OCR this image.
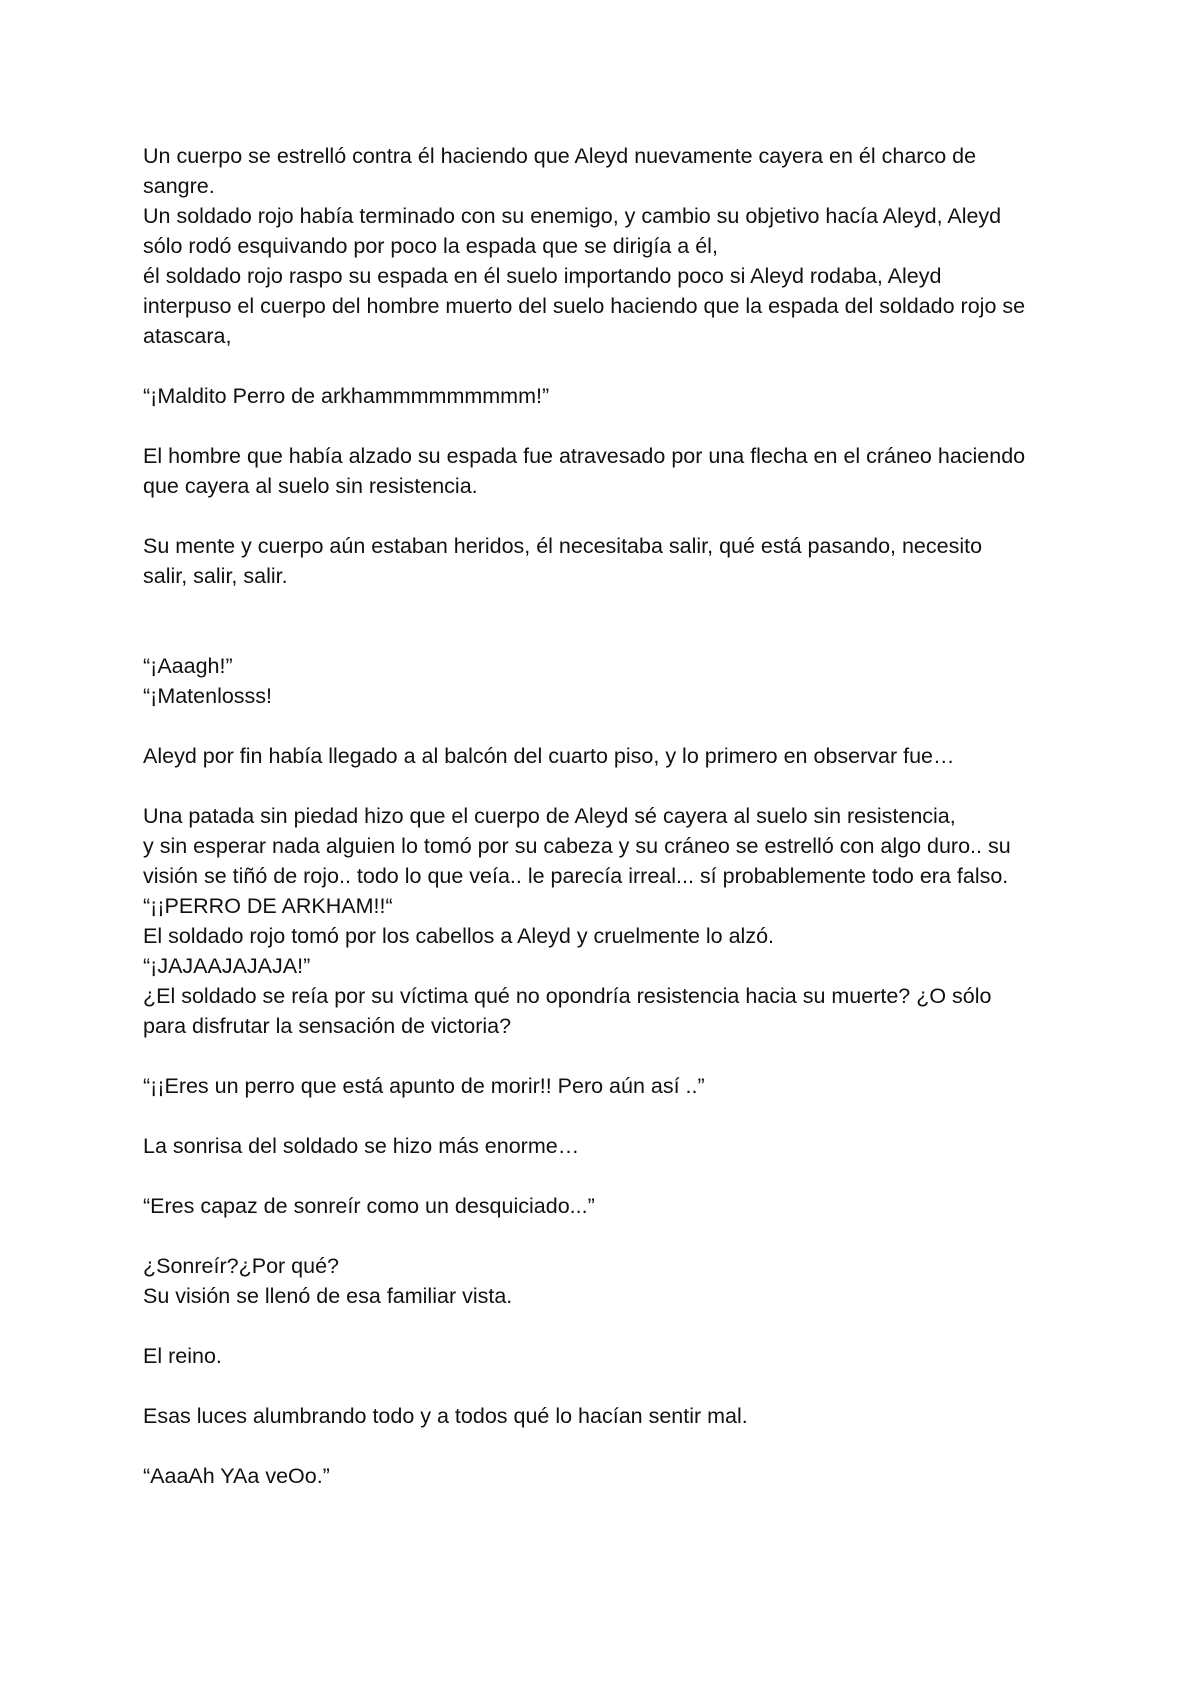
Un cuerpo se estrelló contra él haciendo que Aleyd nuevamente cayera en él charco de
sangre.

Un soldado rojo había terminado con su enemigo, y cambio su objetivo hacía Aleyd, Aleyd
sólo rodó esquivando por poco la espada que se dirigía a él,

él soldado rojo raspo su espada en él suelo importando poco si Aleyd rodaba, Aleyd
interpuso el cuerpo del hombre muerto del suelo haciendo que la espada del soldado rojo se
atascara,

“¡Maldito Perro de arkhammmmmmmmm!”

El hombre que había alzado su espada fue atravesado por una flecha en el cráneo haciendo
que cayera al suelo sin resistencia.

Su mente y cuerpo aún estaban heridos, él necesitaba salir, qué está pasando, necesito
salir, salir, salir.

“¡Aaagh!”

“¡Matenlosss!

Aleyd por fin había llegado a al balcón del cuarto piso, y lo primero en observar fue…

Una patada sin piedad hizo que el cuerpo de Aleyd sé cayera al suelo sin resistencia,

y sin esperar nada alguien lo tomó por su cabeza y su cráneo se estrelló con algo duro.. su
visión se tiñó de rojo.. todo lo que veía.. le parecía irreal... sí probablemente todo era falso.

“¡¡PERRO DE ARKHAM!!“

El soldado rojo tomó por los cabellos a Aleyd y cruelmente lo alzó.

“¡JAJAAJAJAJA!”

¿El soldado se reía por su víctima qué no opondría resistencia hacia su muerte? ¿O sólo
para disfrutar la sensación de victoria?

“¡¡Eres un perro que está apunto de morir!! Pero aún así ..”

La sonrisa del soldado se hizo más enorme…

“Eres capaz de sonreír como un desquiciado...”

¿Sonreír?¿Por qué?

Su visión se llenó de esa familiar vista.

El reino.

Esas luces alumbrando todo y a todos qué lo hacían sentir mal.

“AaaAh YAa veOo.”
